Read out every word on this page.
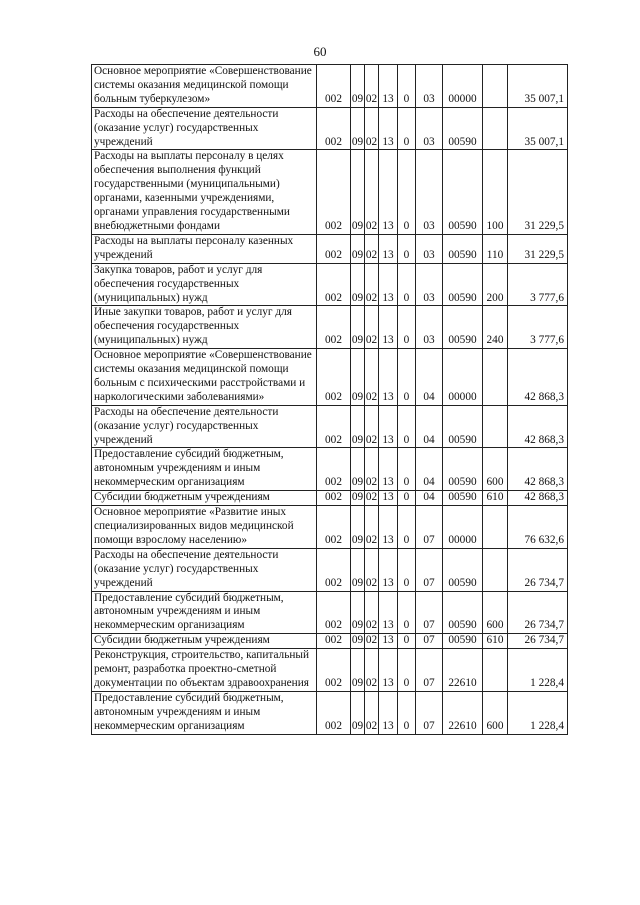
60
Основное мероприятие «Совершенствование системы оказания медицинской помощи больным туберкулезом»	002	09	02	13	0	03	00000		35 007,1
Расходы на обеспечение деятельности (оказание услуг) государственных учреждений	002	09	02	13	0	03	00590		35 007,1
Расходы на выплаты персоналу в целях обеспечения выполнения функций государственными (муниципальными) органами, казенными учреждениями, органами управления государственными внебюджетными фондами	002	09	02	13	0	03	00590	100	31 229,5
Расходы на выплаты персоналу казенных учреждений	002	09	02	13	0	03	00590	110	31 229,5
Закупка товаров, работ и услуг для обеспечения государственных (муниципальных) нужд	002	09	02	13	0	03	00590	200	3 777,6
Иные закупки товаров, работ и услуг для обеспечения государственных (муниципальных) нужд	002	09	02	13	0	03	00590	240	3 777,6
Основное мероприятие «Совершенствование системы оказания медицинской помощи больным с психическими расстройствами и наркологическими заболеваниями»	002	09	02	13	0	04	00000		42 868,3
Расходы на обеспечение деятельности (оказание услуг) государственных учреждений	002	09	02	13	0	04	00590		42 868,3
Предоставление субсидий бюджетным, автономным учреждениям и иным некоммерческим организациям	002	09	02	13	0	04	00590	600	42 868,3
Субсидии бюджетным учреждениям	002	09	02	13	0	04	00590	610	42 868,3
Основное мероприятие «Развитие иных специализированных видов медицинской помощи взрослому населению»	002	09	02	13	0	07	00000		76 632,6
Расходы на обеспечение деятельности (оказание услуг) государственных учреждений	002	09	02	13	0	07	00590		26 734,7
Предоставление субсидий бюджетным, автономным учреждениям и иным некоммерческим организациям	002	09	02	13	0	07	00590	600	26 734,7
Субсидии бюджетным учреждениям	002	09	02	13	0	07	00590	610	26 734,7
Реконструкция, строительство, капитальный ремонт, разработка проектно-сметной документации по объектам здравоохранения	002	09	02	13	0	07	22610		1 228,4
Предоставление субсидий бюджетным, автономным учреждениям и иным некоммерческим организациям	002	09	02	13	0	07	22610	600	1 228,4
